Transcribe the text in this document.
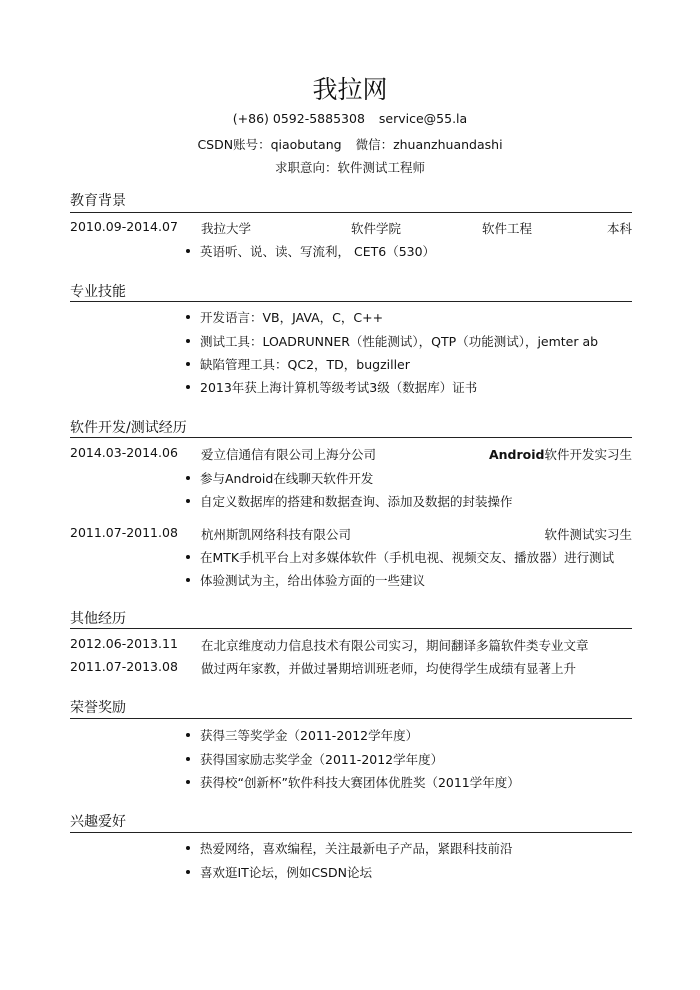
我拉网
(+86) 0592-5885308 service@55.la
CSDN账号：qiaobutang 微信：zhuanzhuandashi
求职意向：软件测试工程师
教育背景
2010.09-2014.07 我拉大学	软件学院	软件工程	本科
英语听、说、读、写流利， CET6（530）
专业技能
开发语言：VB，JAVA，C，C++
测试工具：LOADRUNNER（性能测试），QTP（功能测试），jemter ab
缺陷管理工具：QC2，TD，bugziller
2013年获上海计算机等级考试3级（数据库）证书
软件开发/测试经历
2014.03-2014.06 爱立信通信有限公司上海分公司	Android软件开发实习生
参与Android在线聊天软件开发
自定义数据库的搭建和数据查询、添加及数据的封装操作
2011.07-2011.08 杭州斯凯网络科技有限公司	软件测试实习生
在MTK手机平台上对多媒体软件（手机电视、视频交友、播放器）进行测试
体验测试为主，给出体验方面的一些建议
其他经历
2012.06-2013.11 在北京维度动力信息技术有限公司实习，期间翻译多篇软件类专业文章
2011.07-2013.08 做过两年家教，并做过暑期培训班老师，均使得学生成绩有显著上升
荣誉奖励
获得三等奖学金（2011-2012学年度）
获得国家励志奖学金（2011-2012学年度）
获得校“创新杯”软件科技大赛团体优胜奖（2011学年度）
兴趣爱好
热爱网络，喜欢编程，关注最新电子产品，紧跟科技前沿
喜欢逛IT论坛，例如CSDN论坛
